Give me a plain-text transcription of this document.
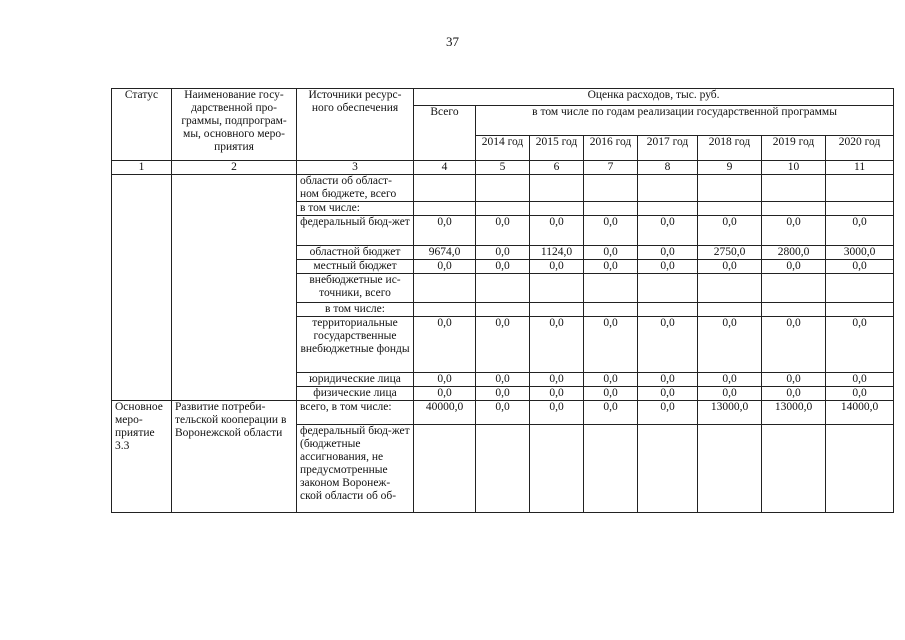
37
Статус	Наименование госу-дарственной про-граммы, подпрограм-мы, основного меро-приятия	Источники ресурс-ного обеспечения	Оценка расходов, тыс. руб.							
			Всего	в том числе по годам реализации государственной программы						
				2014 год	2015 год	2016 год	2017 год	2018 год	2019 год	2020 год
1	2	3	4	5	6	7	8	9	10	11
		области об област-ном бюджете, всего								
		в том числе:								
		федеральный бюд-жет	0,0	0,0	0,0	0,0	0,0	0,0	0,0	0,0
		областной бюджет	9674,0	0,0	1124,0	0,0	0,0	2750,0	2800,0	3000,0
		местный бюджет	0,0	0,0	0,0	0,0	0,0	0,0	0,0	0,0
		внебюджетные ис-точники, всего								
		в том числе:								
		территориальные государственные внебюджетные фонды	0,0	0,0	0,0	0,0	0,0	0,0	0,0	0,0
		юридические лица	0,0	0,0	0,0	0,0	0,0	0,0	0,0	0,0
		физические лица	0,0	0,0	0,0	0,0	0,0	0,0	0,0	0,0
Основное меро-приятие 3.3	Развитие потреби-тельской кооперации в Воронежской области	всего, в том числе:	40000,0	0,0	0,0	0,0	0,0	13000,0	13000,0	14000,0
		федеральный бюд-жет (бюджетные ассигнования, не предусмотренные законом Воронеж-ской области об об-								
